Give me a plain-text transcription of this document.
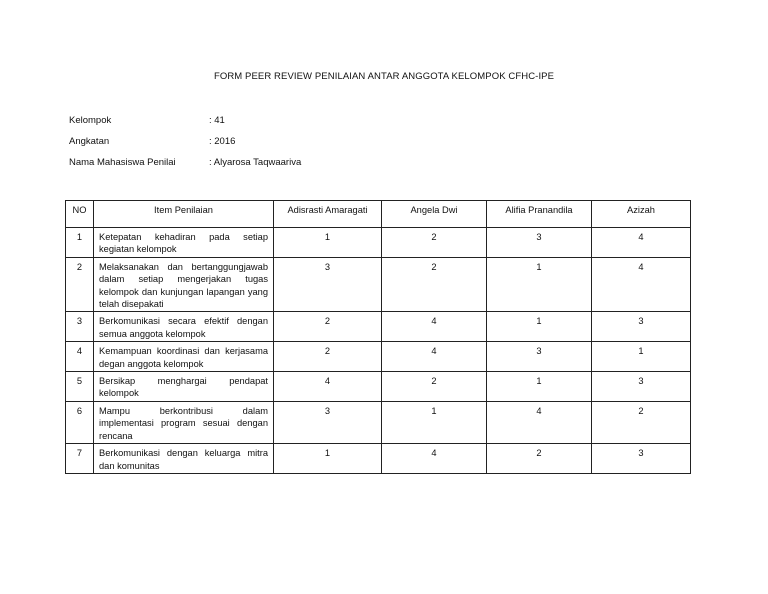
FORM PEER REVIEW PENILAIAN ANTAR ANGGOTA KELOMPOK CFHC-IPE
Kelompok	: 41
Angkatan	: 2016
Nama Mahasiswa Penilai	: Alyarosa Taqwaariva
NO	Item Penilaian	Adisrasti Amaragati	Angela Dwi	Alifia Pranandila	Azizah
1	Ketepatan kehadiran pada setiap kegiatan kelompok	1	2	3	4
2	Melaksanakan dan bertanggungjawab dalam setiap mengerjakan tugas kelompok dan kunjungan lapangan yang telah disepakati	3	2	1	4
3	Berkomunikasi secara efektif dengan semua anggota kelompok	2	4	1	3
4	Kemampuan koordinasi dan kerjasama degan anggota kelompok	2	4	3	1
5	Bersikap menghargai pendapat kelompok	4	2	1	3
6	Mampu berkontribusi dalam implementasi program sesuai dengan rencana	3	1	4	2
7	Berkomunikasi dengan keluarga mitra dan komunitas	1	4	2	3
